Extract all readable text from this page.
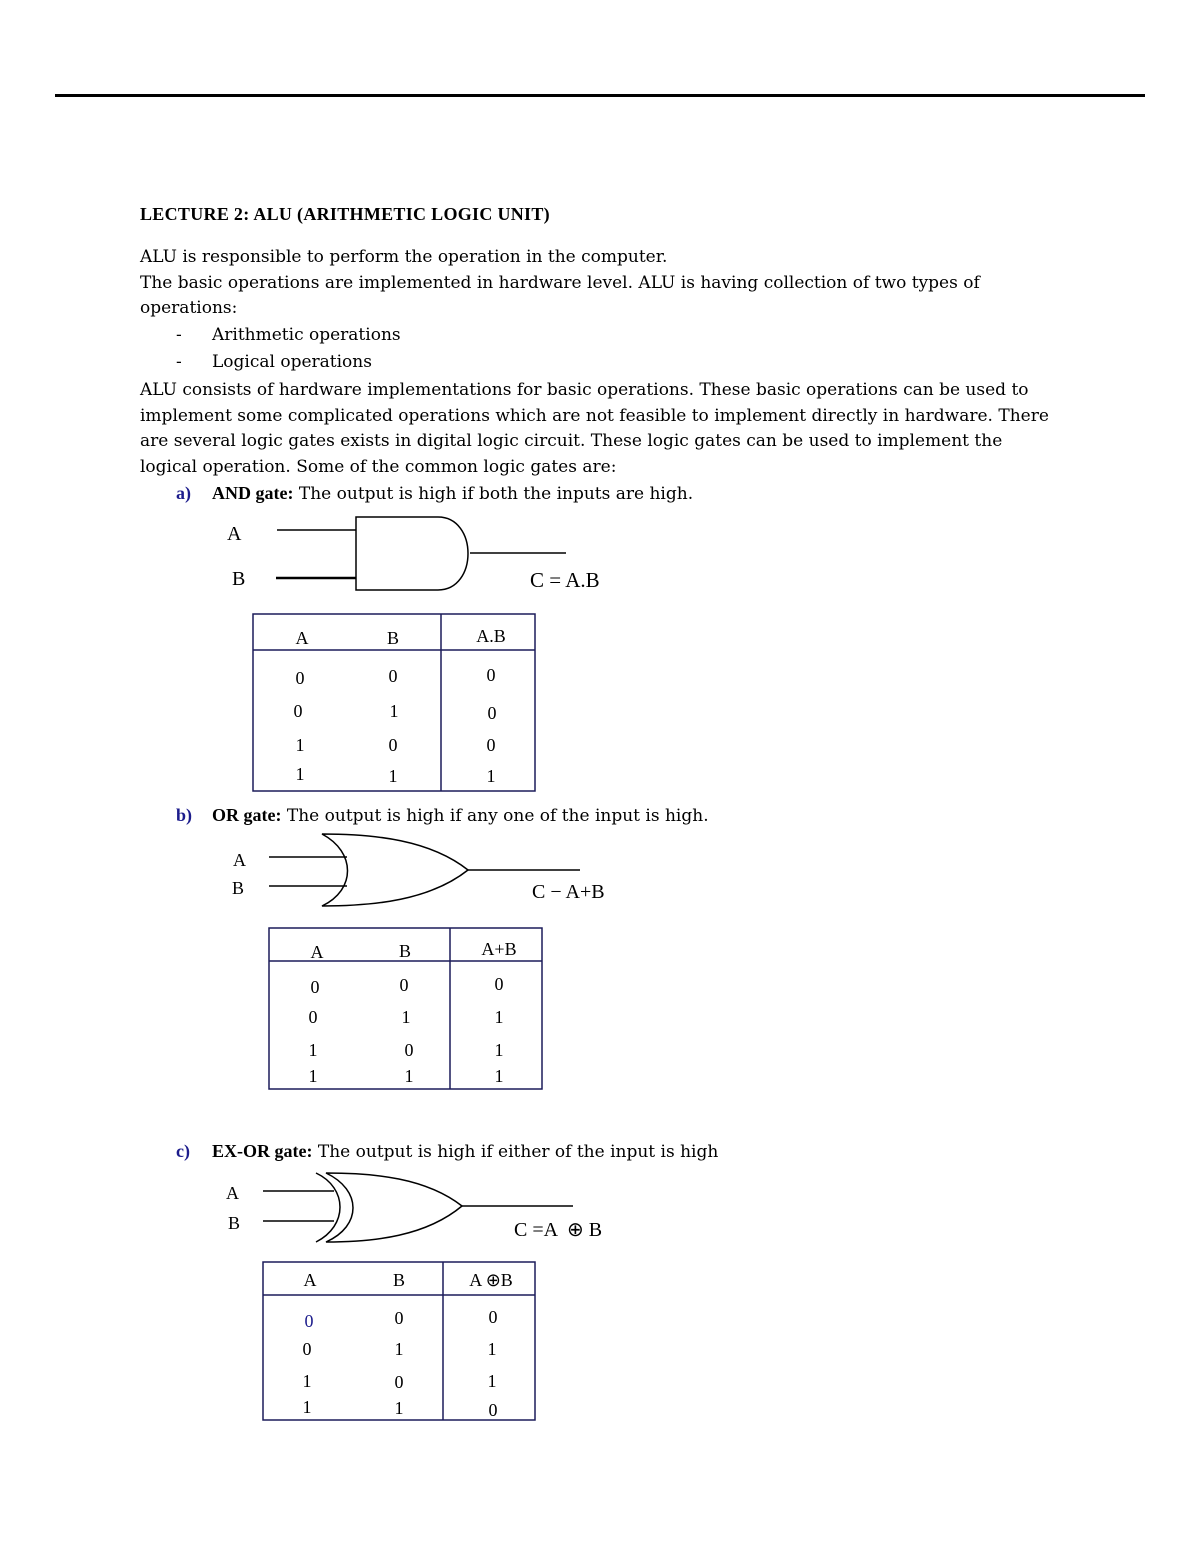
LECTURE 2: ALU (ARITHMETIC LOGIC UNIT)
ALU is responsible to perform the operation in the computer.
The basic operations are implemented in hardware level. ALU is having collection of two types of
operations:
- Arithmetic operations
- Logical operations
ALU consists of hardware implementations for basic operations. These basic operations can be used to
implement some complicated operations which are not feasible to implement directly in hardware. There
are several logic gates exists in digital logic circuit. These logic gates can be used to implement the
logical operation. Some of the common logic gates are:
a) AND gate: The output is high if both the inputs are high.
A
B	C = A.B
A	B	A.B
0	0	0
0	1	0
1	0	0
1	1	1
A
B	C − A+B
A	B	A+B
0	0	0
0	1	1
1	0	1
1	1	1
A
B	C =A  ⊕ B
A	B	A ⊕B
0	0	0
0	1	1
1	0	1
1	1	0
b) OR gate: The output is high if any one of the input is high.
c) EX-OR gate: The output is high if either of the input is high
